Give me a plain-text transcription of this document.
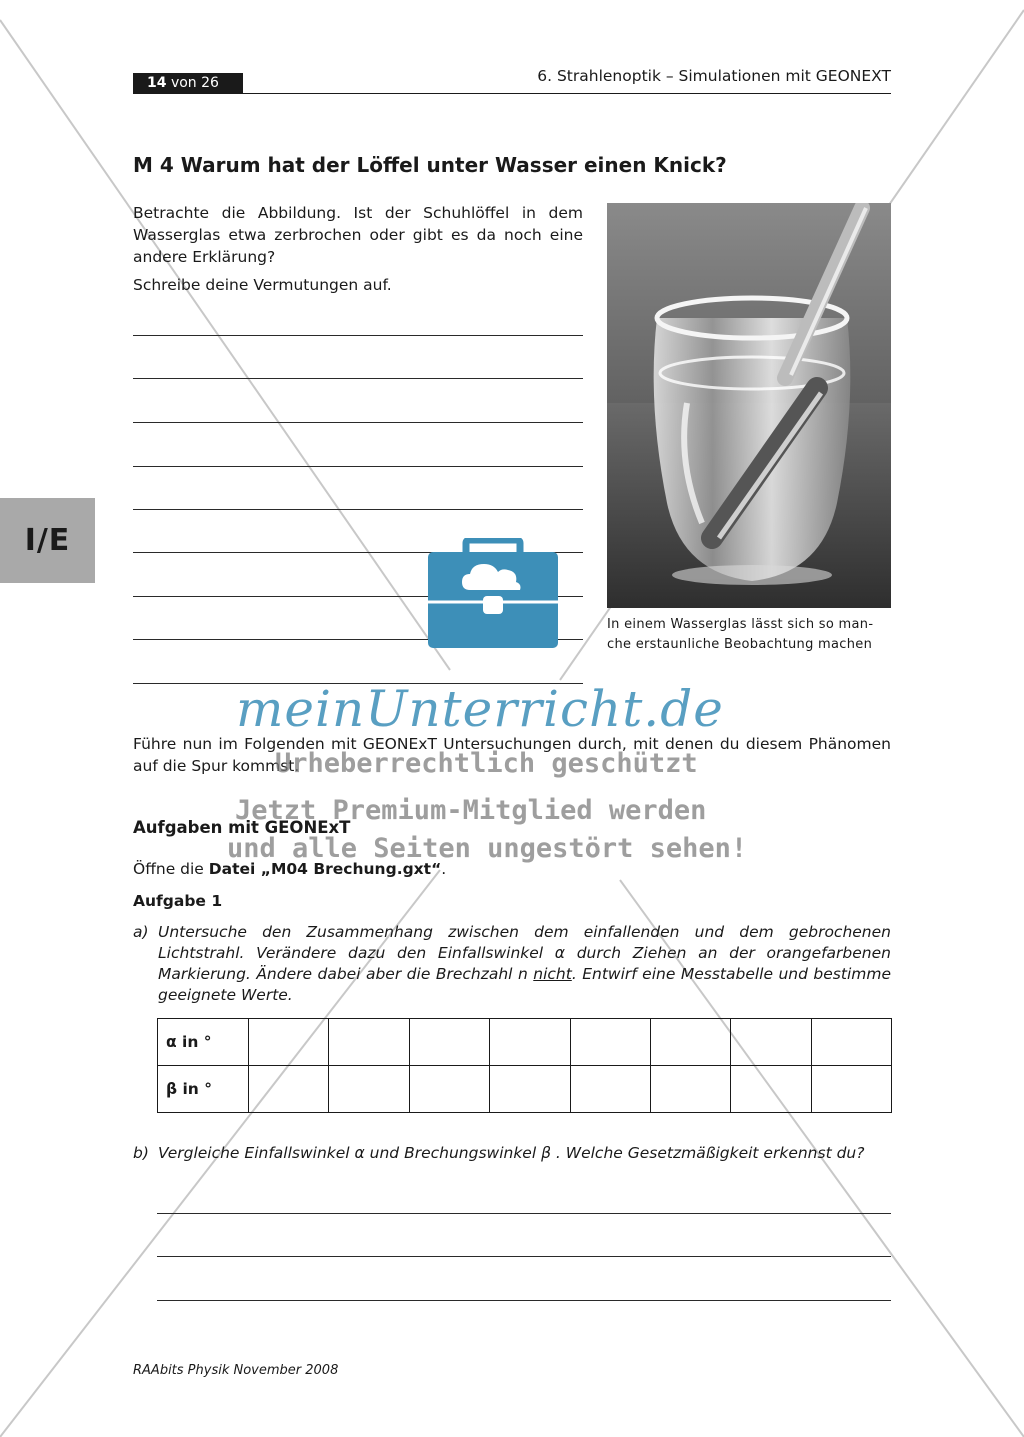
14 von 26	6. Strahlenoptik – Simulationen mit GEONEXT
I/E
M 4 Warum hat der Löffel unter Wasser einen Knick?
Betrachte die Abbildung. Ist der Schuhlöffel in dem Wasserglas etwa zerbrochen oder gibt es da noch eine andere Erklärung?
Schreibe deine Vermutungen auf.
In einem Wasserglas lässt sich so man-
che erstaunliche Beobachtung machen
Führe nun im Folgenden mit GEONExT Untersuchungen durch, mit denen du diesem Phänomen auf die Spur kommst.
Aufgaben mit GEONExT
Öffne die Datei „M04 Brechung.gxt“.
Aufgabe 1
a) Untersuche den Zusammenhang zwischen dem einfallenden und dem gebrochenen Lichtstrahl. Verändere dazu den Einfallswinkel α durch Ziehen an der orangefarbenen Markierung. Ändere dabei aber die Brechzahl n nicht. Entwirf eine Messtabelle und bestimme geeignete Werte.
α in °								
β in °								
b) Vergleiche Einfallswinkel α und Brechungswinkel β . Welche Gesetzmäßigkeit erkennst du?
RAAbits Physik November 2008
meinUnterricht.de
Urheberrechtlich geschützt
Jetzt Premium-Mitglied werden
und alle Seiten ungestört sehen!
